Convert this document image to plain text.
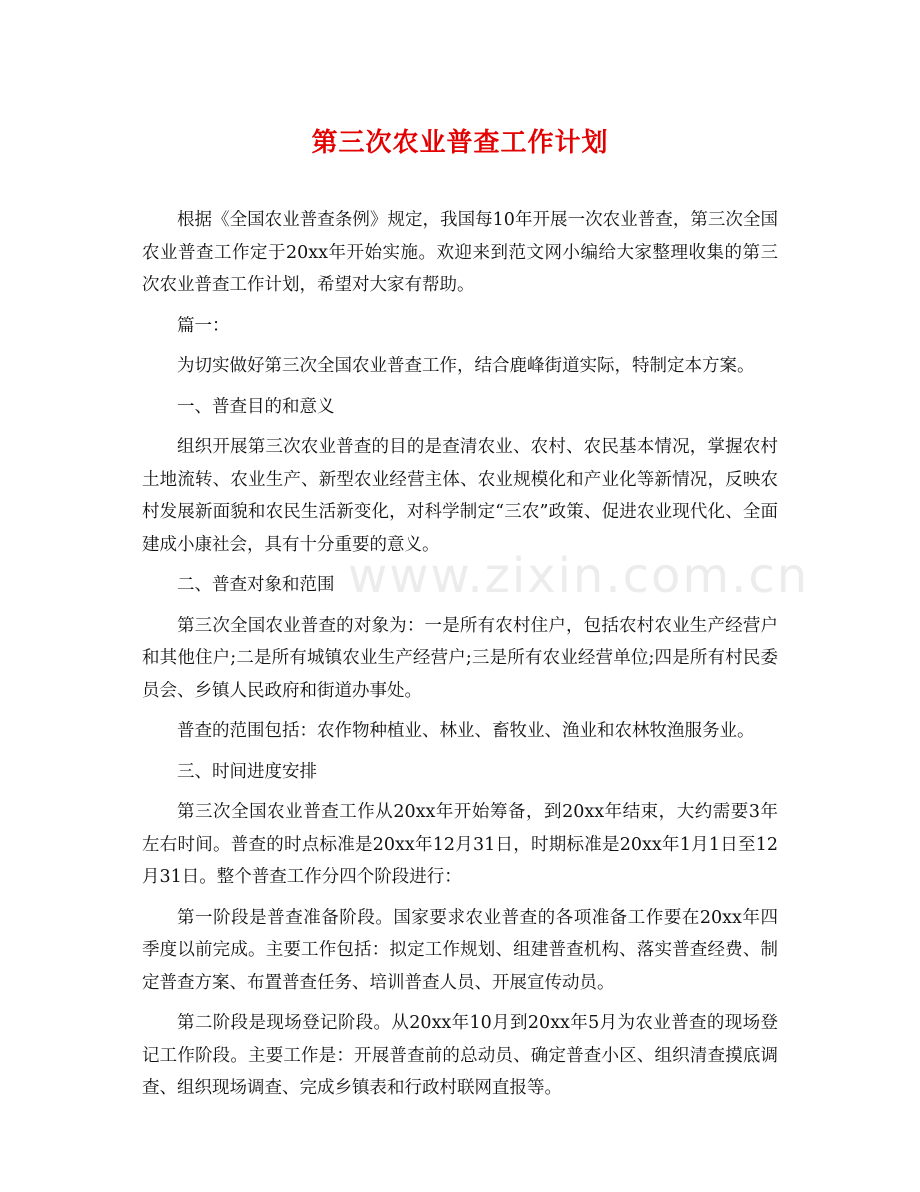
第三次农业普查工作计划
www.zixin.com.cn

根据《全国农业普查条例》规定，我国每10年开展一次农业普查，第三次全国农业普查工作定于20xx年开始实施。欢迎来到范文网小编给大家整理收集的第三次农业普查工作计划，希望对大家有帮助。

篇一：

为切实做好第三次全国农业普查工作，结合鹿峰街道实际，特制定本方案。

一、普查目的和意义

组织开展第三次农业普查的目的是查清农业、农村、农民基本情况，掌握农村土地流转、农业生产、新型农业经营主体、农业规模化和产业化等新情况，反映农村发展新面貌和农民生活新变化，对科学制定“三农”政策、促进农业现代化、全面建成小康社会，具有十分重要的意义。

二、普查对象和范围

第三次全国农业普查的对象为：一是所有农村住户，包括农村农业生产经营户和其他住户;二是所有城镇农业生产经营户;三是所有农业经营单位;四是所有村民委员会、乡镇人民政府和街道办事处。

普查的范围包括：农作物种植业、林业、畜牧业、渔业和农林牧渔服务业。

三、时间进度安排

第三次全国农业普查工作从20xx年开始筹备，到20xx年结束，大约需要3年左右时间。普查的时点标准是20xx年12月31日，时期标准是20xx年1月1日至12月31日。整个普查工作分四个阶段进行：

第一阶段是普查准备阶段。国家要求农业普查的各项准备工作要在20xx年四季度以前完成。主要工作包括：拟定工作规划、组建普查机构、落实普查经费、制定普查方案、布置普查任务、培训普查人员、开展宣传动员。

第二阶段是现场登记阶段。从20xx年10月到20xx年5月为农业普查的现场登记工作阶段。主要工作是：开展普查前的总动员、确定普查小区、组织清查摸底调查、组织现场调查、完成乡镇表和行政村联网直报等。
